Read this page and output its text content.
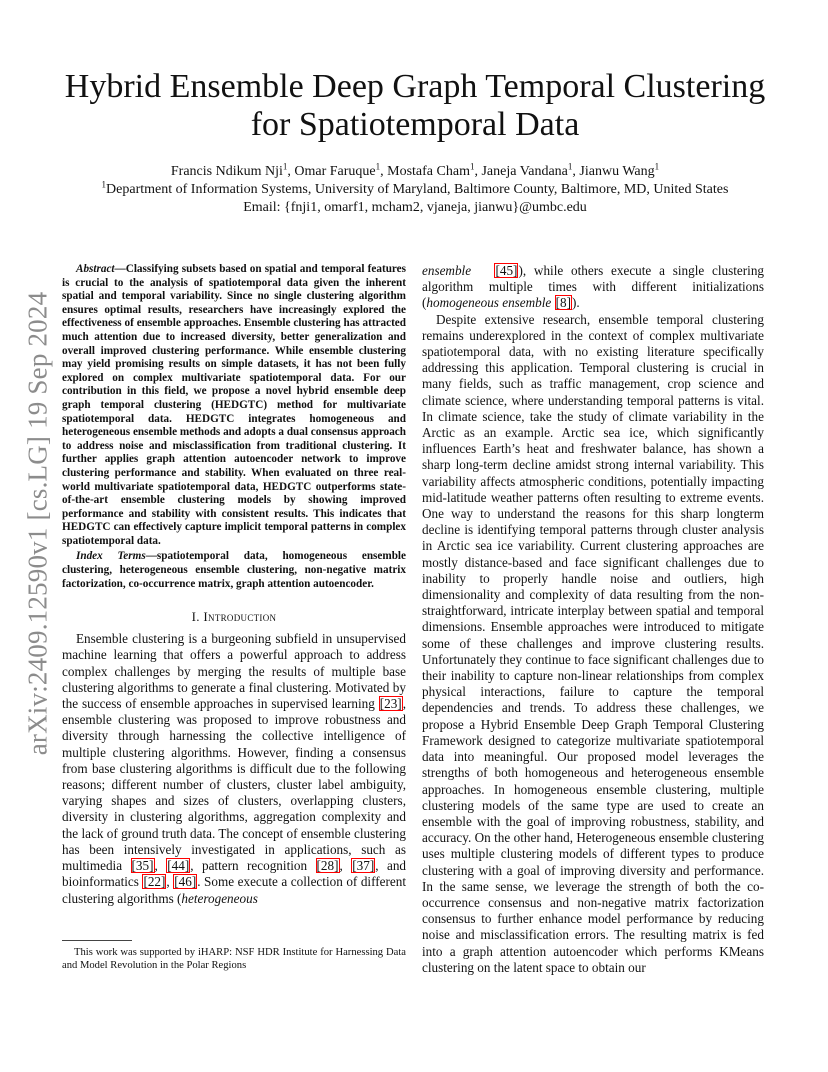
arXiv:2409.12590v1 [cs.LG] 19 Sep 2024
Hybrid Ensemble Deep Graph Temporal Clustering for Spatiotemporal Data
Francis Ndikum Nji$^1$, Omar Faruque$^1$, Mostafa Cham$^1$, Janeja Vandana$^1$, Jianwu Wang$^1$
$^1$Department of Information Systems, University of Maryland, Baltimore County, Baltimore, MD, United States
Email: {fnji1, omarf1, mcham2, vjaneja, jianwu}@umbc.edu

Abstract—Classifying subsets based on spatial and temporal features is crucial to the analysis of spatiotemporal data given the inherent spatial and temporal variability. Since no single clustering algorithm ensures optimal results, researchers have increasingly explored the effectiveness of ensemble approaches. Ensemble clustering has attracted much attention due to increased diversity, better generalization and overall improved clustering performance. While ensemble clustering may yield promising results on simple datasets, it has not been fully explored on complex multivariate spatiotemporal data. For our contribution in this field, we propose a novel hybrid ensemble deep graph temporal clustering (HEDGTC) method for multivariate spatiotemporal data. HEDGTC integrates homogeneous and heterogeneous ensemble methods and adopts a dual consensus approach to address noise and misclassification from traditional clustering. It further applies graph attention autoencoder network to improve clustering performance and stability. When evaluated on three real-world multivariate spatiotemporal data, HEDGTC outperforms state-of-the-art ensemble clustering models by showing improved performance and stability with consistent results. This indicates that HEDGTC can effectively capture implicit temporal patterns in complex spatiotemporal data.

Index Terms—spatiotemporal data, homogeneous ensemble clustering, heterogeneous ensemble clustering, non-negative matrix factorization, co-occurrence matrix, graph attention autoencoder.

I. Introduction

Ensemble clustering is a burgeoning subfield in unsupervised machine learning that offers a powerful approach to address complex challenges by merging the results of multiple base clustering algorithms to generate a final clustering. Motivated by the success of ensemble approaches in supervised learning [23], ensemble clustering was proposed to improve robustness and diversity through harnessing the collective intelligence of multiple clustering algorithms. However, finding a consensus from base clustering algorithms is difficult due to the following reasons; different number of clusters, cluster label ambiguity, varying shapes and sizes of clusters, overlapping clusters, diversity in clustering algorithms, aggregation complexity and the lack of ground truth data. The concept of ensemble clustering has been intensively investigated in applications, such as multimedia [35], [44], pattern recognition [28], [37], and bioinformatics [22], [46]. Some execute a collection of different clustering algorithms (heterogeneous

This work was supported by iHARP: NSF HDR Institute for Harnessing Data and Model Revolution in the Polar Regions

ensemble [45]), while others execute a single clustering algorithm multiple times with different initializations (homogeneous ensemble [8]).

Despite extensive research, ensemble temporal clustering remains underexplored in the context of complex multivariate spatiotemporal data, with no existing literature specifically addressing this application. Temporal clustering is crucial in many fields, such as traffic management, crop science and climate science, where understanding temporal patterns is vital. In climate science, take the study of climate variability in the Arctic as an example. Arctic sea ice, which significantly influences Earth’s heat and freshwater balance, has shown a sharp long-term decline amidst strong internal variability. This variability affects atmospheric conditions, potentially impacting mid-latitude weather patterns often resulting to extreme events. One way to understand the reasons for this sharp longterm decline is identifying temporal patterns through cluster analysis in Arctic sea ice variability. Current clustering approaches are mostly distance-based and face significant challenges due to inability to properly handle noise and outliers, high dimensionality and complexity of data resulting from the non-straightforward, intricate interplay between spatial and temporal dimensions. Ensemble approaches were introduced to mitigate some of these challenges and improve clustering results. Unfortunately they continue to face significant challenges due to their inability to capture non-linear relationships from complex physical interactions, failure to capture the temporal dependencies and trends. To address these challenges, we propose a Hybrid Ensemble Deep Graph Temporal Clustering Framework designed to categorize multivariate spatiotemporal data into meaningful. Our proposed model leverages the strengths of both homogeneous and heterogeneous ensemble approaches. In homogeneous ensemble clustering, multiple clustering models of the same type are used to create an ensemble with the goal of improving robustness, stability, and accuracy. On the other hand, Heterogeneous ensemble clustering uses multiple clustering models of different types to produce clustering with a goal of improving diversity and performance. In the same sense, we leverage the strength of both the co-occurrence consensus and non-negative matrix factorization consensus to further enhance model performance by reducing noise and misclassification errors. The resulting matrix is fed into a graph attention autoencoder which performs KMeans clustering on the latent space to obtain our
